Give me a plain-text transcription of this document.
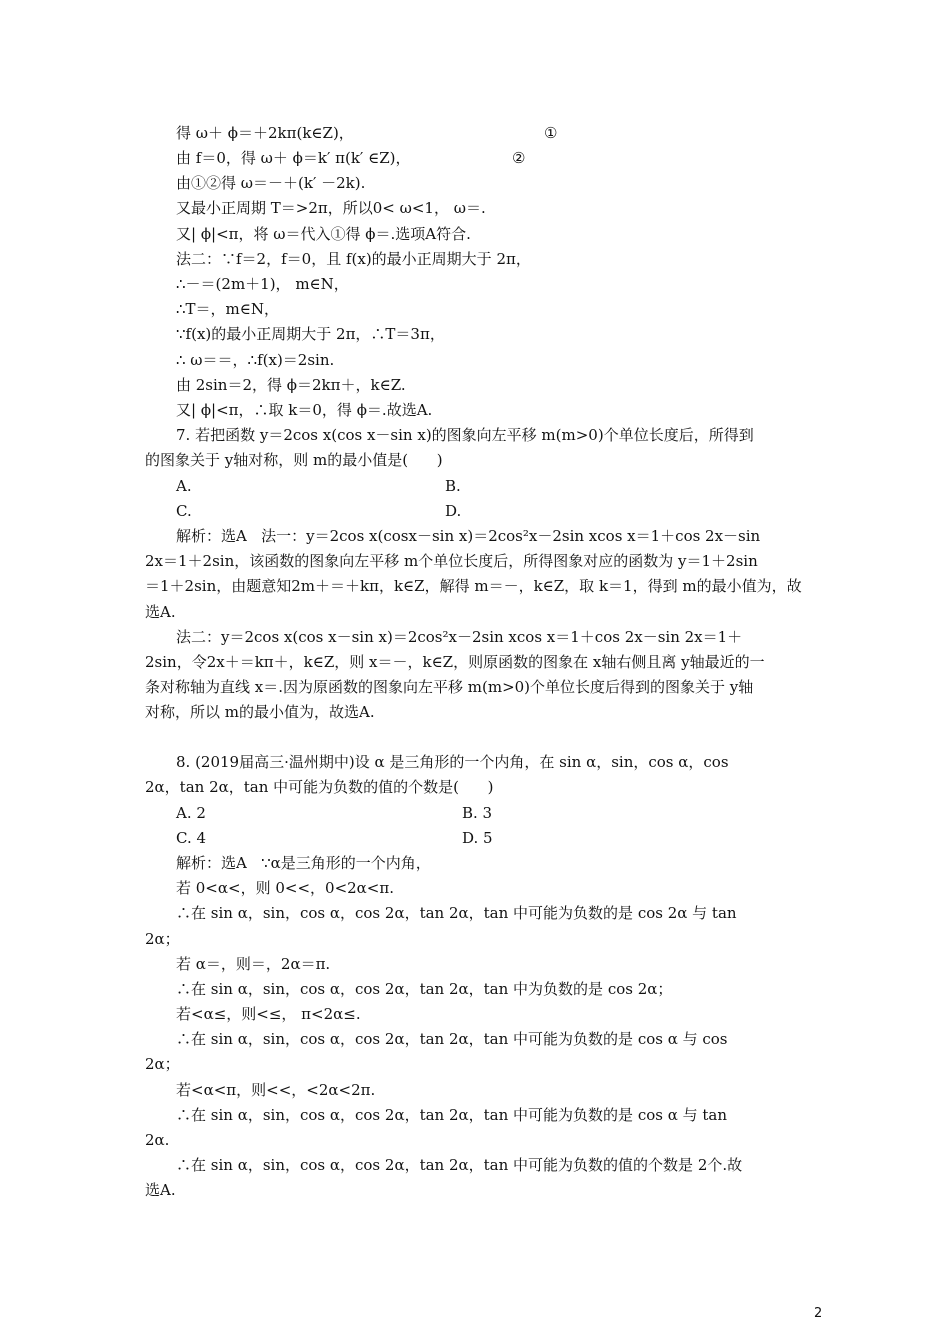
得 ω＋ ϕ＝＋2kπ(k∈Z)，	①
由 f＝0，得 ω＋ ϕ＝k′ π(k′ ∈Z)，	②
由①②得 ω＝－＋(k′ －2k).
又最小正周期 T＝>2π，所以0< ω<1， ω＝.
又| ϕ|<π，将 ω＝代入①得 ϕ＝.选项A符合.
法二：∵f＝2，f＝0，且 f(x)的最小正周期大于 2π，
∴－＝(2m＋1)， m∈N，
∴T＝，m∈N，
∵f(x)的最小正周期大于 2π，∴T＝3π，
∴ ω＝＝，∴f(x)＝2sin.
由 2sin＝2，得 ϕ＝2kπ＋，k∈Z.
又| ϕ|<π，∴取 k＝0，得 ϕ＝.故选A.
7. 若把函数 y＝2cos x(cos x－sin x)的图象向左平移 m(m>0)个单位长度后，所得到
的图象关于 y轴对称，则 m的最小值是(      )
A.	B.
C.	D.
解析：选A   法一：y＝2cos x(cosx－sin x)＝2cos²x－2sin xcos x＝1＋cos 2x－sin
2x＝1＋2sin，该函数的图象向左平移 m个单位长度后，所得图象对应的函数为 y＝1＋2sin
＝1＋2sin，由题意知2m＋＝＋kπ，k∈Z，解得 m＝－，k∈Z，取 k＝1，得到 m的最小值为，故
选A.
法二：y＝2cos x(cos x－sin x)＝2cos²x－2sin xcos x＝1＋cos 2x－sin 2x＝1＋
2sin，令2x＋＝kπ＋，k∈Z，则 x＝－，k∈Z，则原函数的图象在 x轴右侧且离 y轴最近的一
条对称轴为直线 x＝.因为原函数的图象向左平移 m(m>0)个单位长度后得到的图象关于 y轴
对称，所以 m的最小值为，故选A.
8. (2019届高三·温州期中)设 α 是三角形的一个内角，在 sin α，sin，cos α，cos
2α，tan 2α，tan 中可能为负数的值的个数是(      )
A. 2	B. 3
C. 4	D. 5
解析：选A   ∵α是三角形的一个内角，
若 0<α<，则 0<<，0<2α<π.
∴在 sin α，sin，cos α，cos 2α，tan 2α，tan 中可能为负数的是 cos 2α 与 tan
2α；
若 α＝，则＝，2α＝π.
∴在 sin α，sin，cos α，cos 2α，tan 2α，tan 中为负数的是 cos 2α；
若<α≤，则<≤， π<2α≤.
∴在 sin α，sin，cos α，cos 2α，tan 2α，tan 中可能为负数的是 cos α 与 cos
2α；
若<α<π，则<<，<2α<2π.
∴在 sin α，sin，cos α，cos 2α，tan 2α，tan 中可能为负数的是 cos α 与 tan
2α.
∴在 sin α，sin，cos α，cos 2α，tan 2α，tan 中可能为负数的值的个数是 2个.故
选A.
2
